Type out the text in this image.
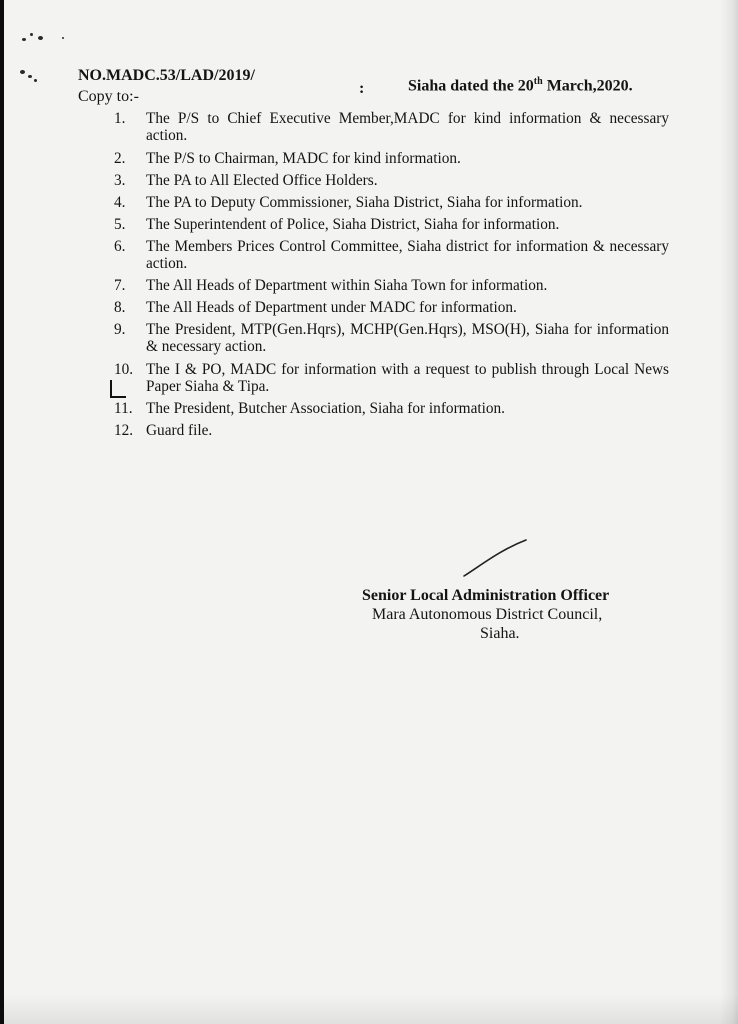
NO.MADC.53/LAD/2019/
:	Siaha dated the 20th March,2020.
Copy to:-
1.	The P/S to Chief Executive Member,MADC for kind information & necessary action.
2.	The P/S to Chairman, MADC for kind information.
3.	The PA to All Elected Office Holders.
4.	The PA to Deputy Commissioner, Siaha District, Siaha for information.
5.	The Superintendent of Police, Siaha District, Siaha for information.
6.	The Members Prices Control Committee, Siaha district for information & necessary action.
7.	The All Heads of Department within Siaha Town for information.
8.	The All Heads of Department under MADC for information.
9.	The President, MTP(Gen.Hqrs), MCHP(Gen.Hqrs), MSO(H), Siaha for information & necessary action.
10. The I & PO, MADC for information with a request to publish through Local News Paper Siaha & Tipa.
11. The President, Butcher Association, Siaha for information.
12. Guard file.
Senior Local Administration Officer
Mara Autonomous District Council,
Siaha.
